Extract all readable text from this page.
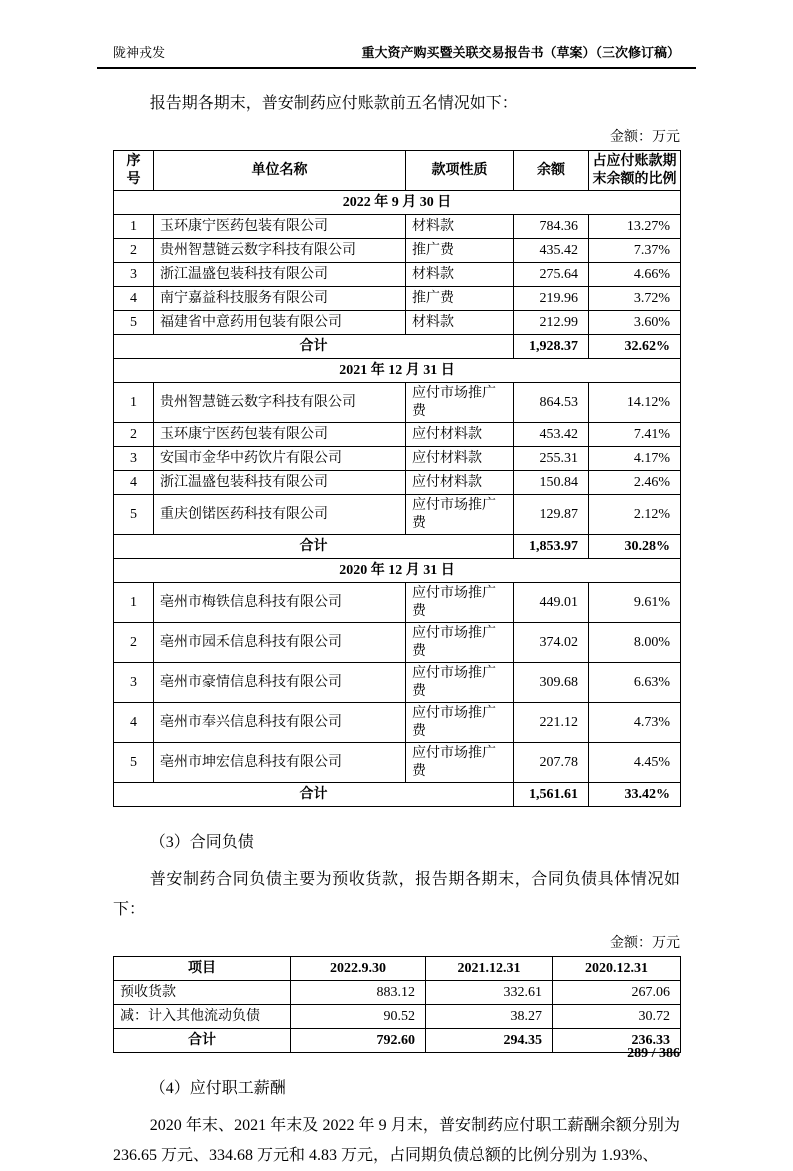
陇神戎发	重大资产购买暨关联交易报告书（草案）（三次修订稿）

报告期各期末，普安制药应付账款前五名情况如下：

金额：万元
序号	单位名称	款项性质	余额	占应付账款期末余额的比例
2022 年 9 月 30 日				
1	玉环康宁医药包装有限公司	材料款	784.36	13.27%
2	贵州智慧链云数字科技有限公司	推广费	435.42	7.37%
3	浙江温盛包装科技有限公司	材料款	275.64	4.66%
4	南宁嘉益科技服务有限公司	推广费	219.96	3.72%
5	福建省中意药用包装有限公司	材料款	212.99	3.60%
合计			1,928.37	32.62%
2021 年 12 月 31 日				
1	贵州智慧链云数字科技有限公司	应付市场推广费	864.53	14.12%
2	玉环康宁医药包装有限公司	应付材料款	453.42	7.41%
3	安国市金华中药饮片有限公司	应付材料款	255.31	4.17%
4	浙江温盛包装科技有限公司	应付材料款	150.84	2.46%
5	重庆创锘医药科技有限公司	应付市场推广费	129.87	2.12%
合计			1,853.97	30.28%
2020 年 12 月 31 日				
1	亳州市梅铁信息科技有限公司	应付市场推广费	449.01	9.61%
2	亳州市园禾信息科技有限公司	应付市场推广费	374.02	8.00%
3	亳州市豪情信息科技有限公司	应付市场推广费	309.68	6.63%
4	亳州市奉兴信息科技有限公司	应付市场推广费	221.12	4.73%
5	亳州市坤宏信息科技有限公司	应付市场推广费	207.78	4.45%
合计			1,561.61	33.42%

（3）合同负债

普安制药合同负债主要为预收货款，报告期各期末，合同负债具体情况如下：

金额：万元
项目	2022.9.30	2021.12.31	2020.12.31
预收货款	883.12	332.61	267.06
减：计入其他流动负债	90.52	38.27	30.72
合计	792.60	294.35	236.33

（4）应付职工薪酬

2020 年末、2021 年末及 2022 年 9 月末，普安制药应付职工薪酬余额分别为 236.65 万元、334.68 万元和 4.83 万元，占同期负债总额的比例分别为 1.93%、

289 / 386
